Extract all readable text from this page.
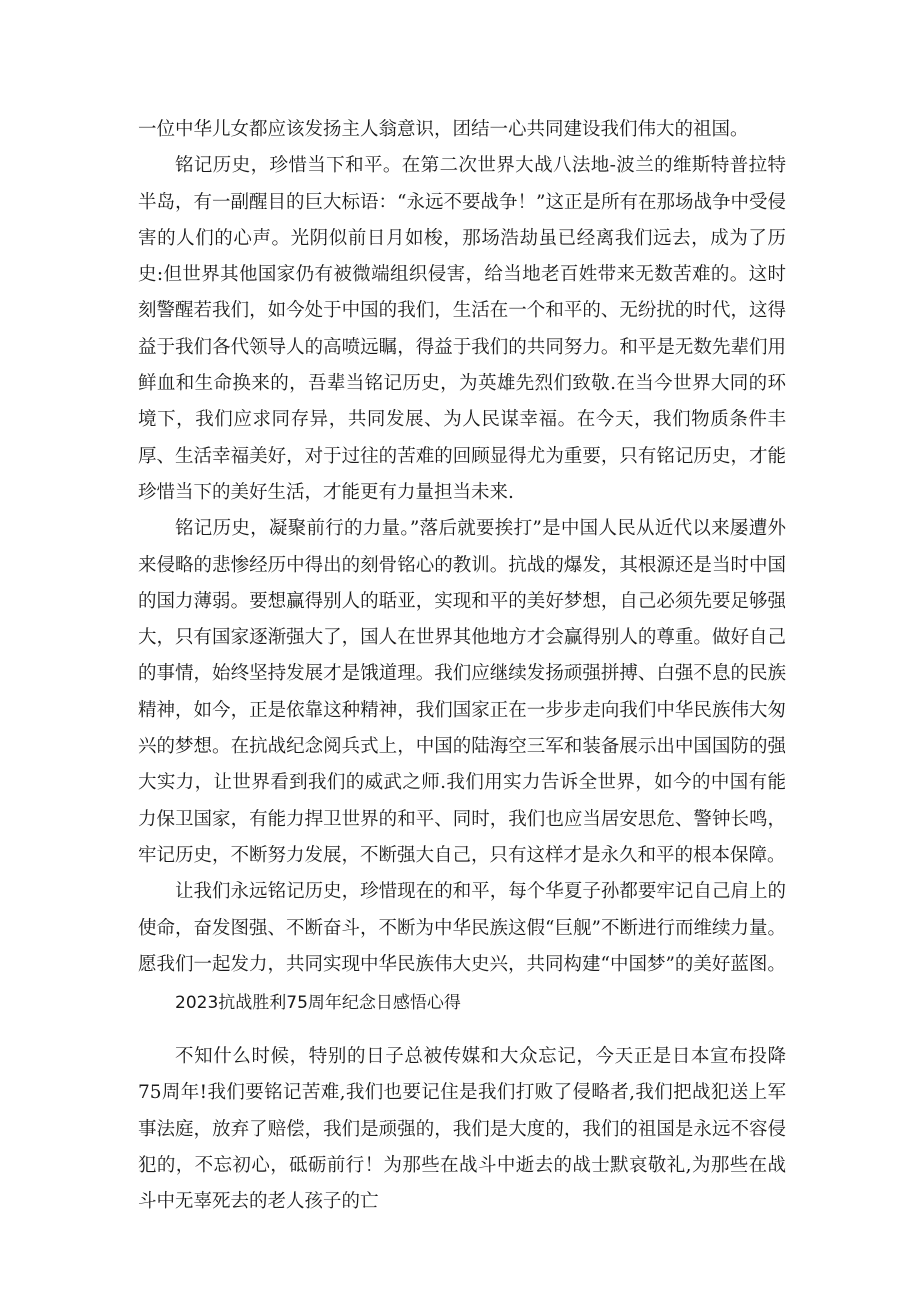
一位中华儿女都应该发扬主人翁意识，团结一心共同建设我们伟大的祖国。

铭记历史，珍惜当下和平。在第二次世界大战八法地-波兰的维斯特普拉特半岛，有一副醒目的巨大标语：“永远不要战争！”这正是所有在那场战争中受侵害的人们的心声。光阴似前日月如梭，那场浩劫虽已经离我们远去，成为了历史:但世界其他国家仍有被微端组织侵害，给当地老百姓带来无数苦难的。这时刻警醒若我们，如今处于中国的我们，生活在一个和平的、无纷扰的时代，这得益于我们各代领导人的高喷远瞩，得益于我们的共同努力。和平是无数先辈们用鲜血和生命换来的，吾辈当铭记历史，为英雄先烈们致敬.在当今世界大同的环境下，我们应求同存异，共同发展、为人民谋幸福。在今天，我们物质条件丰厚、生活幸福美好，对于过往的苦难的回顾显得尤为重要，只有铭记历史，才能珍惜当下的美好生活，才能更有力量担当未来.

铭记历史，凝聚前行的力量。”落后就要挨打”是中国人民从近代以来屡遭外来侵略的悲惨经历中得出的刻骨铭心的教训。抗战的爆发，其根源还是当时中国的国力薄弱。要想赢得别人的聒亚，实现和平的美好梦想，自己必须先要足够强大，只有国家逐渐强大了，国人在世界其他地方才会赢得别人的尊重。做好自己的事情，始终坚持发展才是饿道理。我们应继续发扬顽强拼搏、白强不息的民族精神，如今，正是依靠这种精神，我们国家正在一步步走向我们中华民族伟大匆兴的梦想。在抗战纪念阅兵式上，中国的陆海空三军和装备展示出中国国防的强大实力，让世界看到我们的威武之师.我们用实力告诉全世界，如今的中国有能力保卫国家，有能力捍卫世界的和平、同时，我们也应当居安思危、警钟长鸣，牢记历史，不断努力发展，不断强大自己，只有这样才是永久和平的根本保障。

让我们永远铭记历史，珍惜现在的和平，每个华夏子孙都要牢记自己肩上的使命，奋发图强、不断奋斗，不断为中华民族这假“巨舰”不断进行而维续力量。愿我们一起发力，共同实现中华民族伟大史兴，共同构建“中国梦”的美好蓝图。

2023抗战胜利75周年纪念日感悟心得

不知什么时候，特别的日子总被传媒和大众忘记，今天正是日本宣布投降75周年!我们要铭记苦难,我们也要记住是我们打败了侵略者,我们把战犯送上军事法庭，放弃了赔偿，我们是顽强的，我们是大度的，我们的祖国是永远不容侵犯的，不忘初心，砥砺前行！为那些在战斗中逝去的战士默哀敬礼,为那些在战斗中无辜死去的老人孩子的亡
